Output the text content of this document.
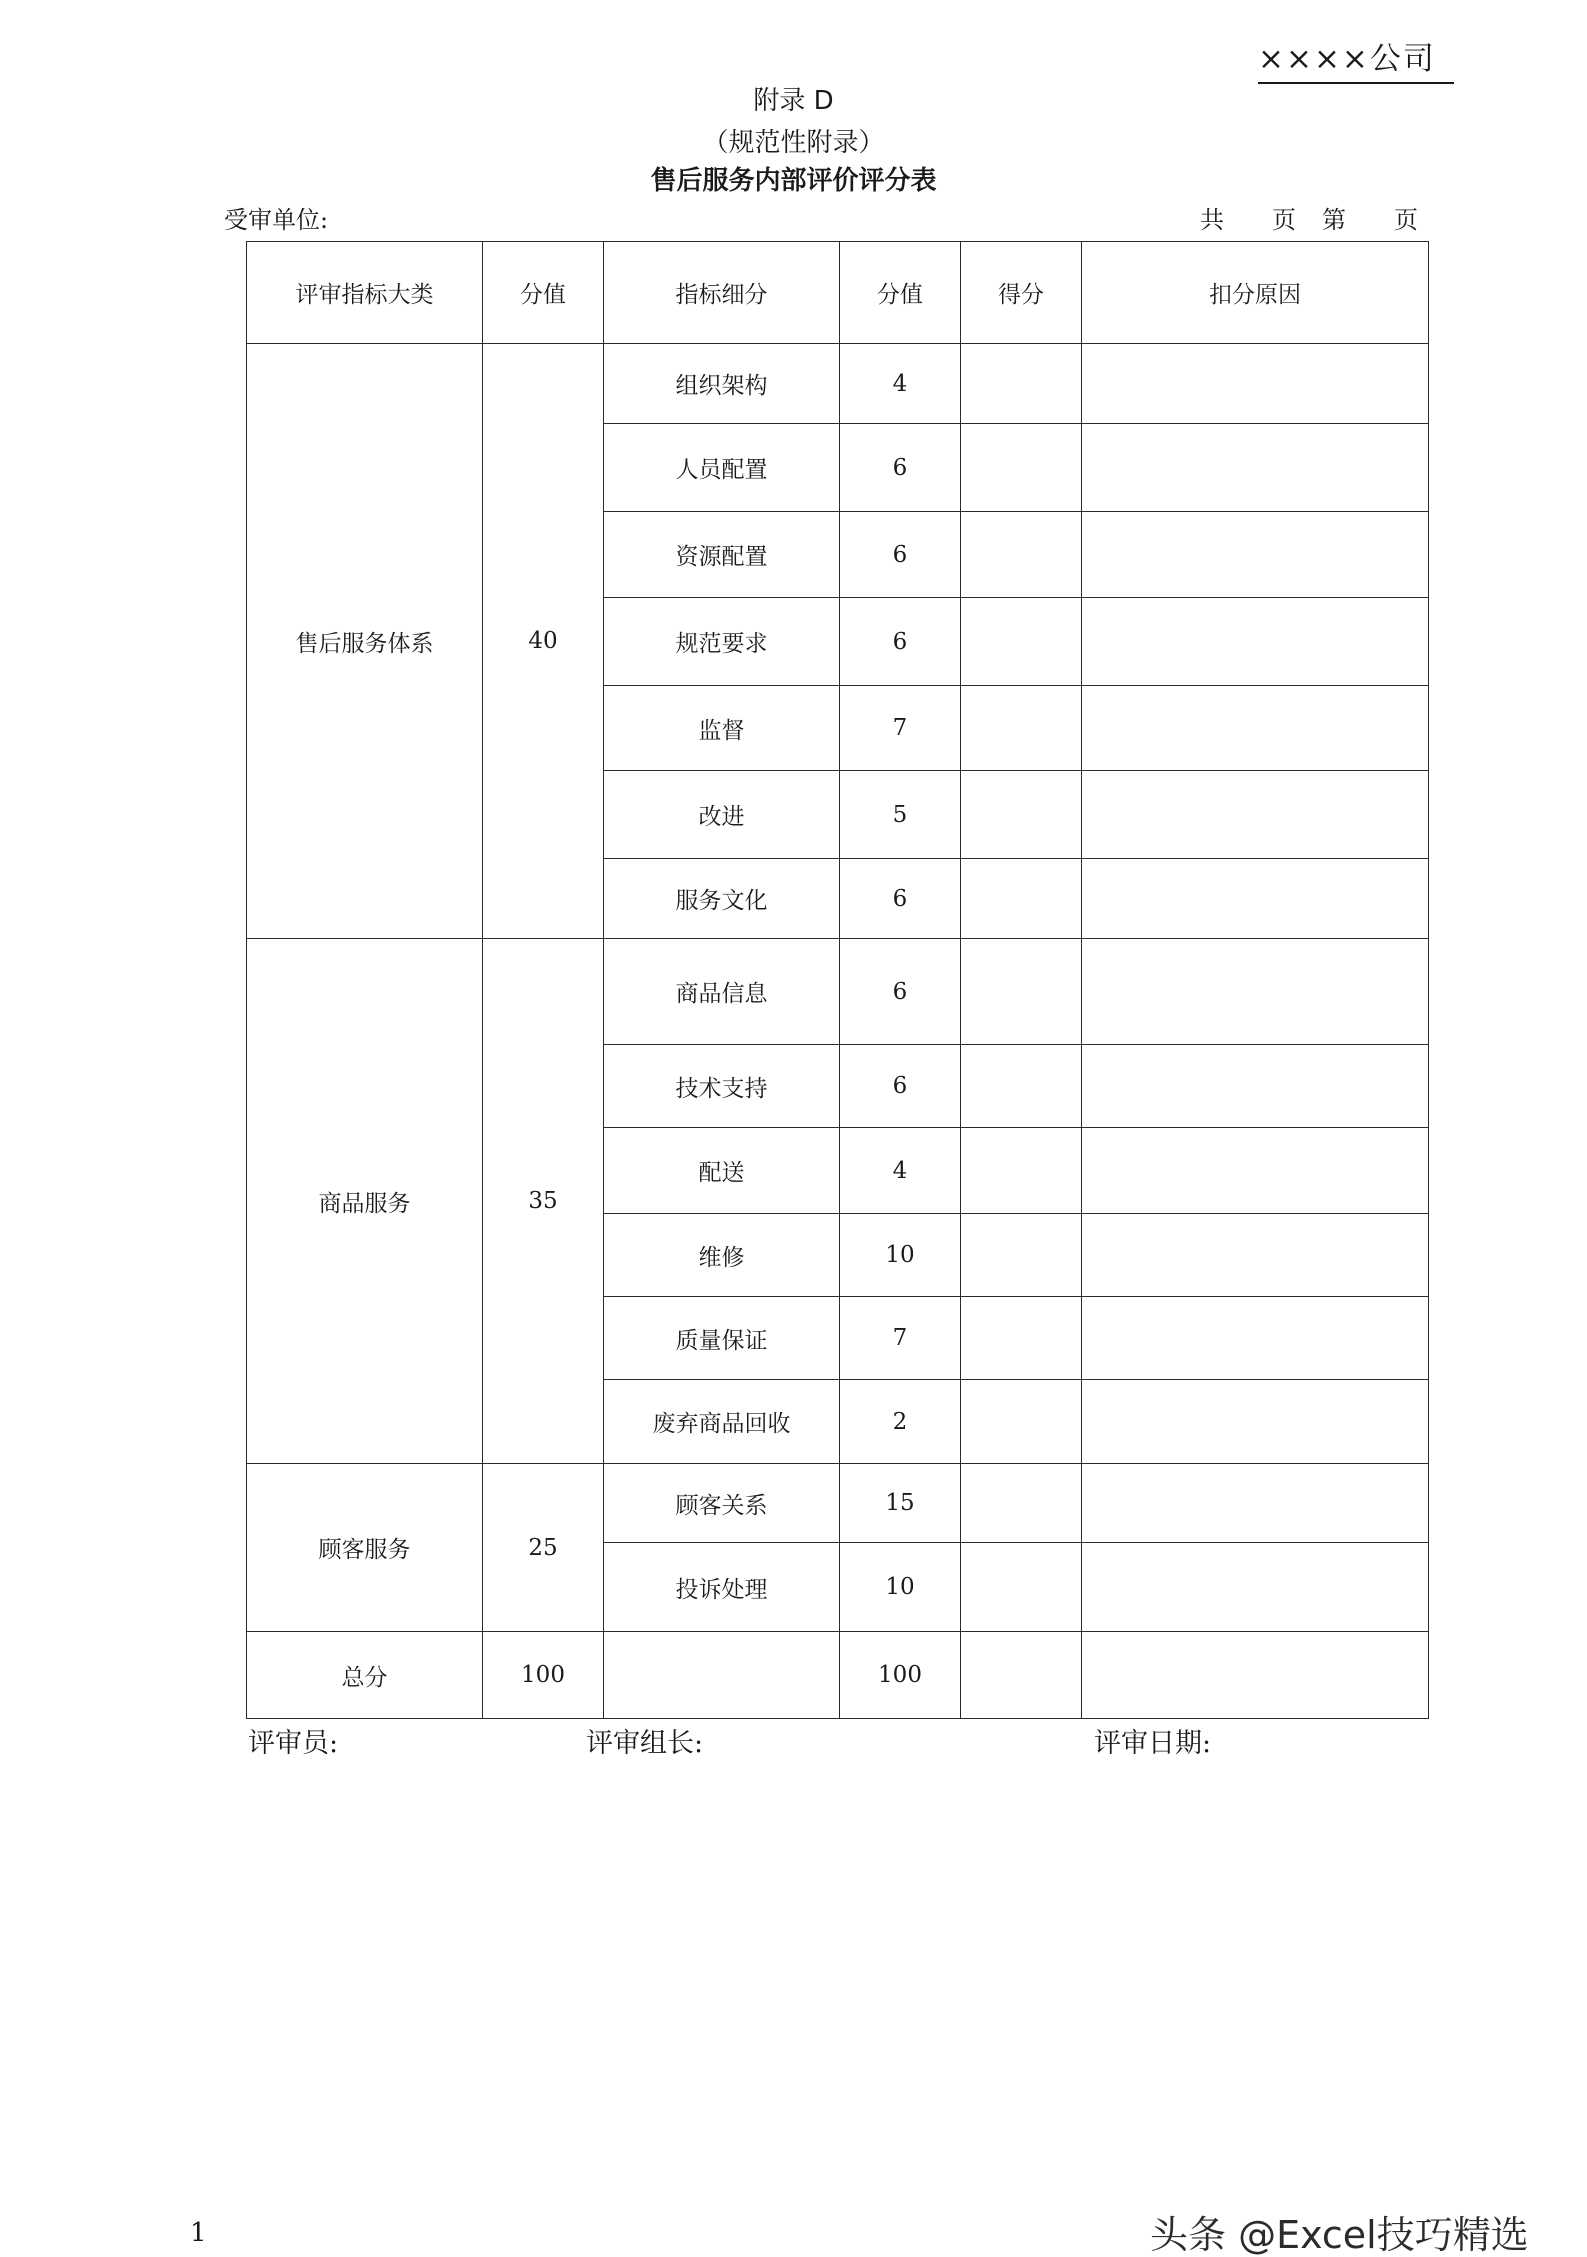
××××公司
附录 D
（规范性附录）
售后服务内部评价评分表
受审单位:	共 页 第 页
评审指标大类	分值	指标细分	分值	得分	扣分原因
售后服务体系	40	组织架构	4		
		人员配置	6		
		资源配置	6		
		规范要求	6		
		监督	7		
		改进	5		
		服务文化	6		
商品服务	35	商品信息	6		
		技术支持	6		
		配送	4		
		维修	10		
		质量保证	7		
		废弃商品回收	2		
顾客服务	25	顾客关系	15		
		投诉处理	10		
总分	100		100		
评审员:	评审组长:	评审日期:
1	头条 @Excel技巧精选
